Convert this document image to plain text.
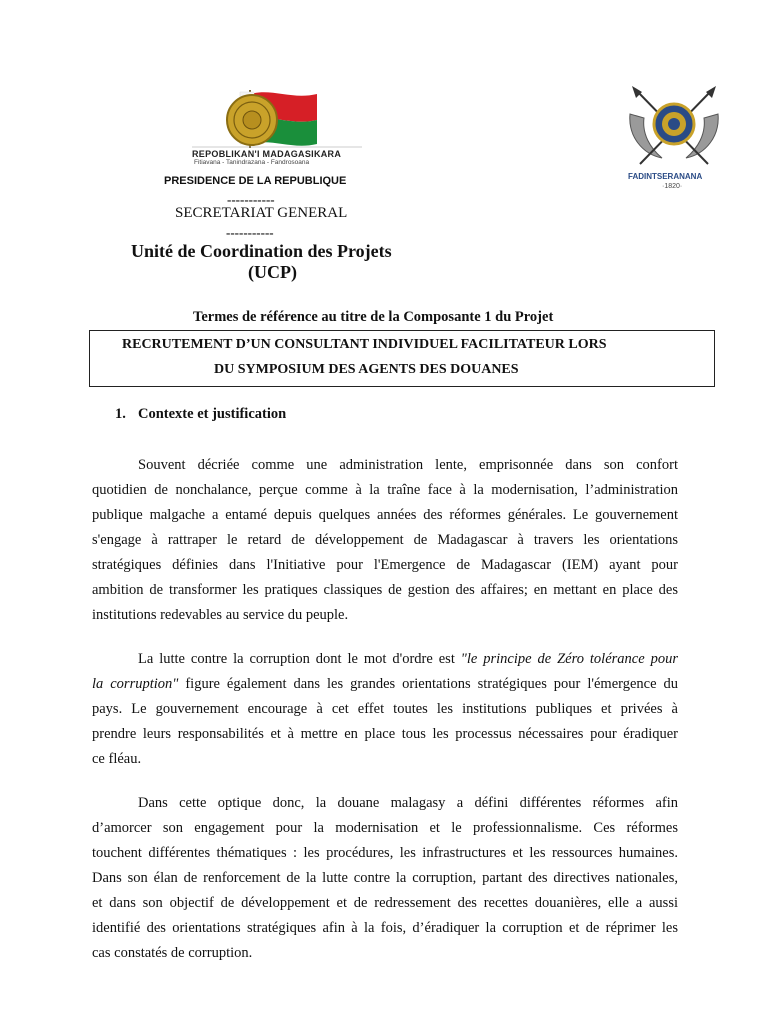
REPOBLIKAN'I MADAGASIKARA
Fitiavana - Tanindrazana - Fandrosoana
FADINTSERANANA
·1820·
PRESIDENCE DE LA REPUBLIQUE
-----------
SECRETARIAT GENERAL
-----------
Unité de Coordination des Projets
(UCP)
Termes de référence au titre de la Composante 1 du Projet
RECRUTEMENT D’UN CONSULTANT INDIVIDUEL FACILITATEUR LORS
DU SYMPOSIUM DES AGENTS DES DOUANES
1. Contexte et justification
Souvent décriée comme une administration lente, emprisonnée dans son confort
quotidien de nonchalance, perçue comme à la traîne face à la modernisation, l’administration
publique malgache a entamé depuis quelques années des réformes générales. Le gouvernement
s'engage à rattraper le retard de développement de Madagascar à travers les orientations
stratégiques définies dans l'Initiative pour l'Emergence de Madagascar (IEM) ayant pour
ambition de transformer les pratiques classiques de gestion des affaires; en mettant en place des
institutions redevables au service du peuple.
La lutte contre la corruption dont le mot d'ordre est "le principe de Zéro tolérance pour
la corruption" figure également dans les grandes orientations stratégiques pour l'émergence du
pays. Le gouvernement encourage à cet effet toutes les institutions publiques et privées à
prendre leurs responsabilités et à mettre en place tous les processus nécessaires pour éradiquer
ce fléau.
Dans cette optique donc, la douane malagasy a défini différentes réformes afin
d’amorcer son engagement pour la modernisation et le professionnalisme. Ces réformes
touchent différentes thématiques : les procédures, les infrastructures et les ressources humaines.
Dans son élan de renforcement de la lutte contre la corruption, partant des directives nationales,
et dans son objectif de développement et de redressement des recettes douanières, elle a aussi
identifié des orientations stratégiques afin à la fois, d’éradiquer la corruption et de réprimer les
cas constatés de corruption.
